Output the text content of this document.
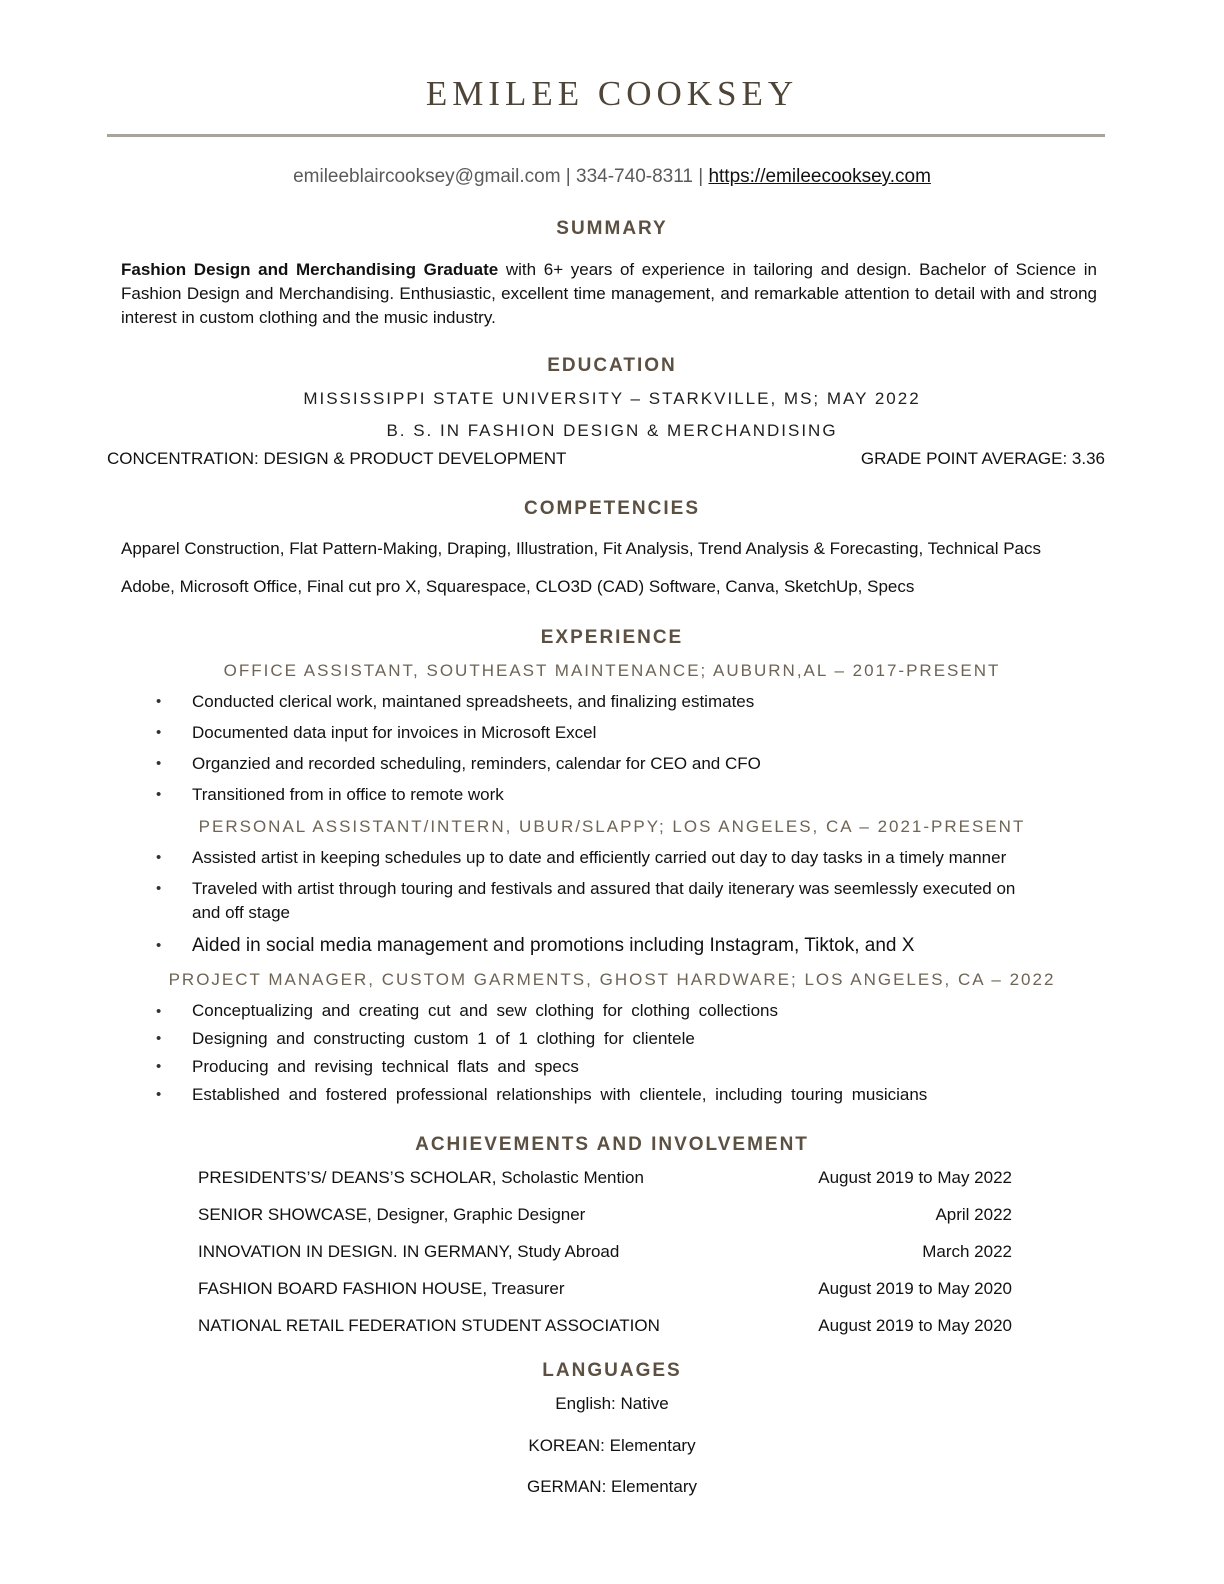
EMILEE COOKSEY
emileeblaircooksey@gmail.com | 334-740-8311 | https://emileecooksey.com
SUMMARY
Fashion Design and Merchandising Graduate with 6+ years of experience in tailoring and design. Bachelor of Science in Fashion Design and Merchandising. Enthusiastic, excellent time management, and remarkable attention to detail with and strong interest in custom clothing and the music industry.
EDUCATION
MISSISSIPPI STATE UNIVERSITY – STARKVILLE, MS; MAY 2022
B. S. IN FASHION DESIGN & MERCHANDISING
CONCENTRATION: DESIGN & PRODUCT DEVELOPMENT	GRADE POINT AVERAGE: 3.36
COMPETENCIES
Apparel Construction, Flat Pattern-Making, Draping, Illustration, Fit Analysis, Trend Analysis & Forecasting, Technical Pacs
Adobe, Microsoft Office, Final cut pro X, Squarespace, CLO3D (CAD) Software, Canva, SketchUp, Specs
EXPERIENCE
OFFICE ASSISTANT, SOUTHEAST MAINTENANCE; AUBURN,AL – 2017-PRESENT
• Conducted clerical work, maintaned spreadsheets, and finalizing estimates
• Documented data input for invoices in Microsoft Excel
• Organzied and recorded scheduling, reminders, calendar for CEO and CFO
• Transitioned from in office to remote work
PERSONAL ASSISTANT/INTERN, UBUR/SLAPPY; LOS ANGELES, CA – 2021-PRESENT
• Assisted artist in keeping schedules up to date and efficiently carried out day to day tasks in a timely manner
• Traveled with artist through touring and festivals and assured that daily itenerary was seemlessly executed on
and off stage
• Aided in social media management and promotions including Instagram, Tiktok, and X
PROJECT MANAGER, CUSTOM GARMENTS, GHOST HARDWARE; LOS ANGELES, CA – 2022
• Conceptualizing and creating cut and sew clothing for clothing collections
• Designing and constructing custom 1 of 1 clothing for clientele
• Producing and revising technical flats and specs
• Established and fostered professional relationships with clientele, including touring musicians
ACHIEVEMENTS AND INVOLVEMENT
PRESIDENTS’S/ DEANS’S SCHOLAR, Scholastic Mention	August 2019 to May 2022
SENIOR SHOWCASE, Designer, Graphic Designer	April 2022
INNOVATION IN DESIGN. IN GERMANY, Study Abroad	March 2022
FASHION BOARD FASHION HOUSE, Treasurer	August 2019 to May 2020
NATIONAL RETAIL FEDERATION STUDENT ASSOCIATION	August 2019 to May 2020
LANGUAGES
English: Native
KOREAN: Elementary
GERMAN: Elementary
